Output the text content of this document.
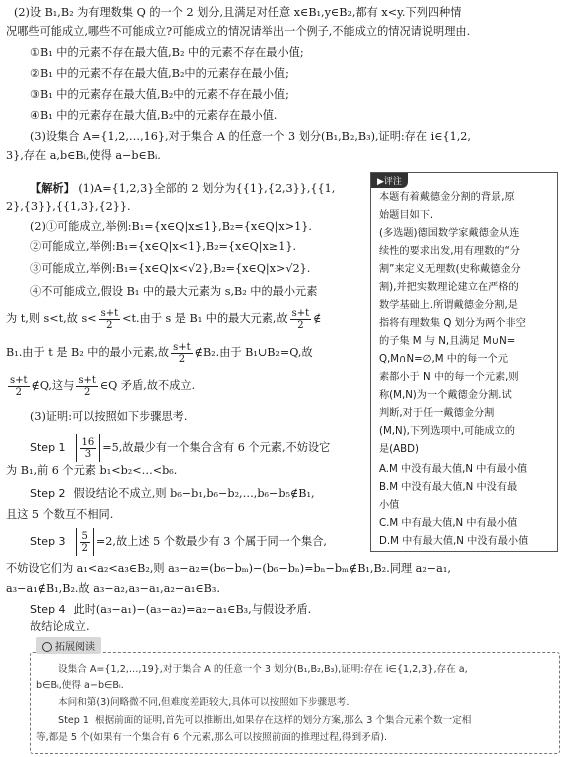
(2)设 B₁,B₂ 为有理数集 Q 的一个 2 划分,且满足对任意 x∈B₁,y∈B₂,都有 x<y.下列四种情
况哪些可能成立,哪些不可能成立?可能成立的情况请举出一个例子,不能成立的情况请说明理由.
①B₁ 中的元素不存在最大值,B₂ 中的元素不存在最小值;
②B₁ 中的元素不存在最大值,B₂中的元素存在最小值;
③B₁ 中的元素存在最大值,B₂中的元素不存在最小值;
④B₁ 中的元素存在最大值,B₂中的元素存在最小值.
(3)设集合 A={1,2,…,16},对于集合 A 的任意一个 3 划分(B₁,B₂,B₃),证明:存在 i∈{1,2,
3},存在 a,b∈Bᵢ,使得 a−b∈Bᵢ.
【解析】 (1)A={1,2,3}全部的 2 划分为{{1},{2,3}},{{1,
2},{3}},{{1,3},{2}}.
(2)①可能成立,举例:B₁={x∈Q|x≤1},B₂={x∈Q|x>1}.
②可能成立,举例:B₁={x∈Q|x<1},B₂={x∈Q|x≥1}.
③可能成立,举例:B₁={x∈Q|x<√2},B₂={x∈Q|x>√2}.
④不可能成立,假设 B₁ 中的最大元素为 s,B₂ 中的最小元素
为 t,则 s<t,故 $s< \frac{s+t}{2} <t$.由于 s 是 B₁ 中的最大元素,故 $\frac{s+t}{2}$ ∉
B₁.由于 t 是 B₂ 中的最小元素,故 $\frac{s+t}{2}$ ∉B₂.由于 B₁∪B₂=Q,故
$\frac{s+t}{2}$ ∉Q,这与 $\frac{s+t}{2}$ ∈Q 矛盾,故不成立.
(3)证明:可以按照如下步骤思考.
Step $1 \frac{16}{3} =5$,故最少有一个集合含有 6 个元素,不妨设它
为 B₁,前 6 个元素 b₁<b₂<…<b₆.
Step 2 假设结论不成立,则 b₆−b₁,b₆−b₂,…,b₆−b₅∉B₁,
且这 5 个数互不相同.
Step $3 \frac{5}{2} =2$,故上述 5 个数最少有 3 个属于同一个集合,
不妨设它们为 a₁<a₂<a₃∈B₂,则 a₃−a₂=(b₆−bₘ)−(b₆−bₙ)=bₙ−bₘ∉B₁,B₂.同理 a₂−a₁,
a₃−a₁∉B₁,B₂.故 a₃−a₂,a₃−a₁,a₂−a₁∈B₃.
Step 4 此时(a₃−a₁)−(a₃−a₂)=a₂−a₁∈B₃,与假设矛盾.
故结论成立.
▶评注
本题有着戴德金分割的背景,原
始题目如下.
(多选题)德国数学家戴德金从连
续性的要求出发,用有理数的“分
割”来定义无理数(史称戴德金分
割),并把实数理论建立在严格的
数学基础上.所谓戴德金分割,是
指将有理数集 Q 划分为两个非空
的子集 M 与 N,且满足 M∪N=
Q,M∩N=∅,M 中的每一个元
素都小于 N 中的每一个元素,则
称(M,N)为一个戴德金分割.试
判断,对于任一戴德金分割
(M,N),下列选项中,可能成立的
是(ABD)
A.M 中没有最大值,N 中有最小值
B.M 中没有最大值,N 中没有最
小值
C.M 中有最大值,N 中有最小值
D.M 中有最大值,N 中没有最小值
拓展阅读
设集合 A={1,2,…,19},对于集合 A 的任意一个 3 划分(B₁,B₂,B₃),证明:存在 i∈{1,2,3},存在 a,
b∈Bᵢ,使得 a−b∈Bᵢ.
本问和第(3)问略微不同,但难度差距较大,具体可以按照如下步骤思考.
Step 1 根据前面的证明,首先可以推断出,如果存在这样的划分方案,那么 3 个集合元素个数一定相
等,都是 5 个(如果有一个集合有 6 个元素,那么可以按照前面的推理过程,得到矛盾).
